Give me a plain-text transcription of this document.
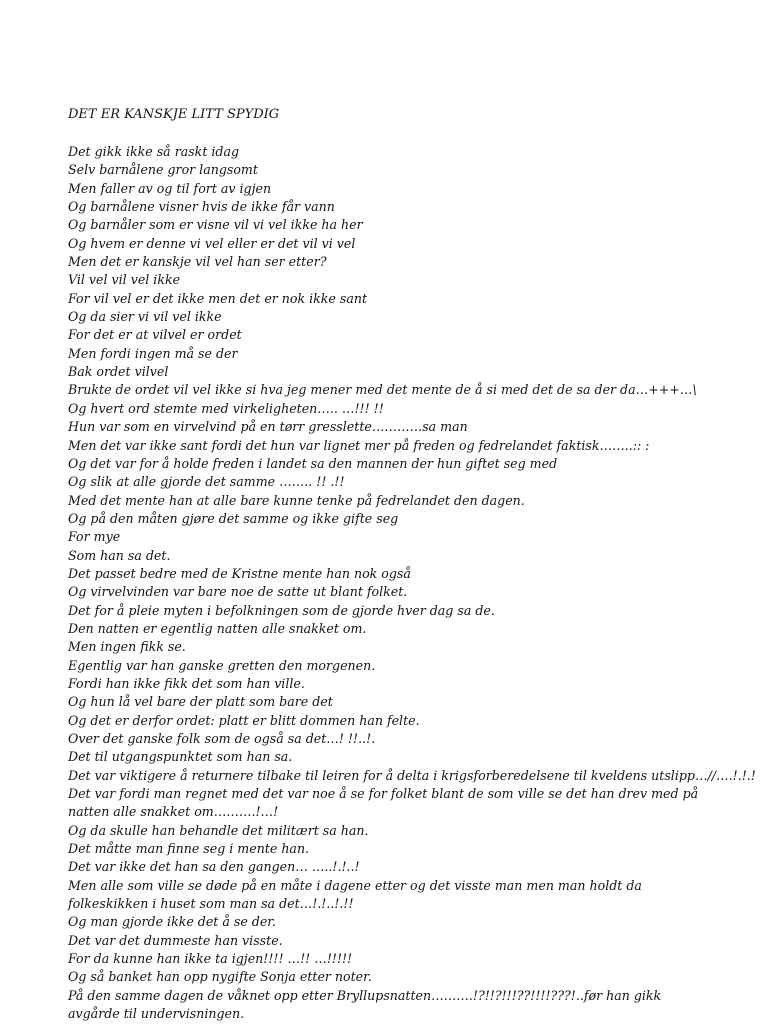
DET ER KANSKJE LITT SPYDIG

Det gikk ikke så raskt idag
Selv barnålene gror langsomt
Men faller av og til fort av igjen
Og barnålene visner hvis de ikke får vann
Og barnåler som er visne vil vi vel ikke ha her
Og hvem er denne vi vel eller er det vil vi vel
Men det er kanskje vil vel han ser etter?
Vil vel vil vel ikke
For vil vel er det ikke men det er nok ikke sant
Og da sier vi vil vel ikke
For det er at vilvel er ordet
Men fordi ingen må se der
Bak ordet vilvel
Brukte de ordet vil vel ikke si hva jeg mener med det mente de å si med det de sa der da…+++…\
Og hvert ord stemte med virkeligheten….. …!!! !!
Hun var som en virvelvind på en tørr gresslette…………sa man
Men det var ikke sant fordi det hun var lignet mer på freden og fedrelandet faktisk……..:: :
Og det var for å holde freden i landet sa den mannen der hun giftet seg med
Og slik at alle gjorde det samme …….. !! .!!
Med det mente han at alle bare kunne tenke på fedrelandet den dagen.
Og på den måten gjøre det samme og ikke gifte seg
For mye
Som han sa det.
Det passet bedre med de Kristne mente han nok også
Og virvelvinden var bare noe de satte ut blant folket.
Det for å pleie myten i befolkningen som de gjorde hver dag sa de.
Den natten er egentlig natten alle snakket om.
Men ingen fikk se.
Egentlig var han ganske gretten den morgenen.
Fordi han ikke fikk det som han ville.
Og hun lå vel bare der platt som bare det
Og det er derfor ordet: platt er blitt dommen han felte.
Over det ganske folk som de også sa det…! !!..!.
Det til utgangspunktet som han sa.
Det var viktigere å returnere tilbake til leiren for å delta i krigsforberedelsene til kveldens utslipp…//….!.!.!
Det var fordi man regnet med det var noe å se for folket blant de som ville se det han drev med på natten alle snakket om……….!…!
Og da skulle han behandle det militært sa han.
Det måtte man finne seg i mente han.
Det var ikke det han sa den gangen… …..!.!..!
Men alle som ville se døde på en måte i dagene etter og det visste man men man holdt da folkeskikken i huset som man sa det…!.!..!.!!
Og man gjorde ikke det å se der.
Det var det dummeste han visste.
For da kunne han ikke ta igjen!!!! …!! …!!!!!
Og så banket han opp nygifte Sonja etter noter.
På den samme dagen de våknet opp etter Bryllupsnatten……….!?!!?!!!??!!!!???!..før han gikk avgårde til undervisningen.
